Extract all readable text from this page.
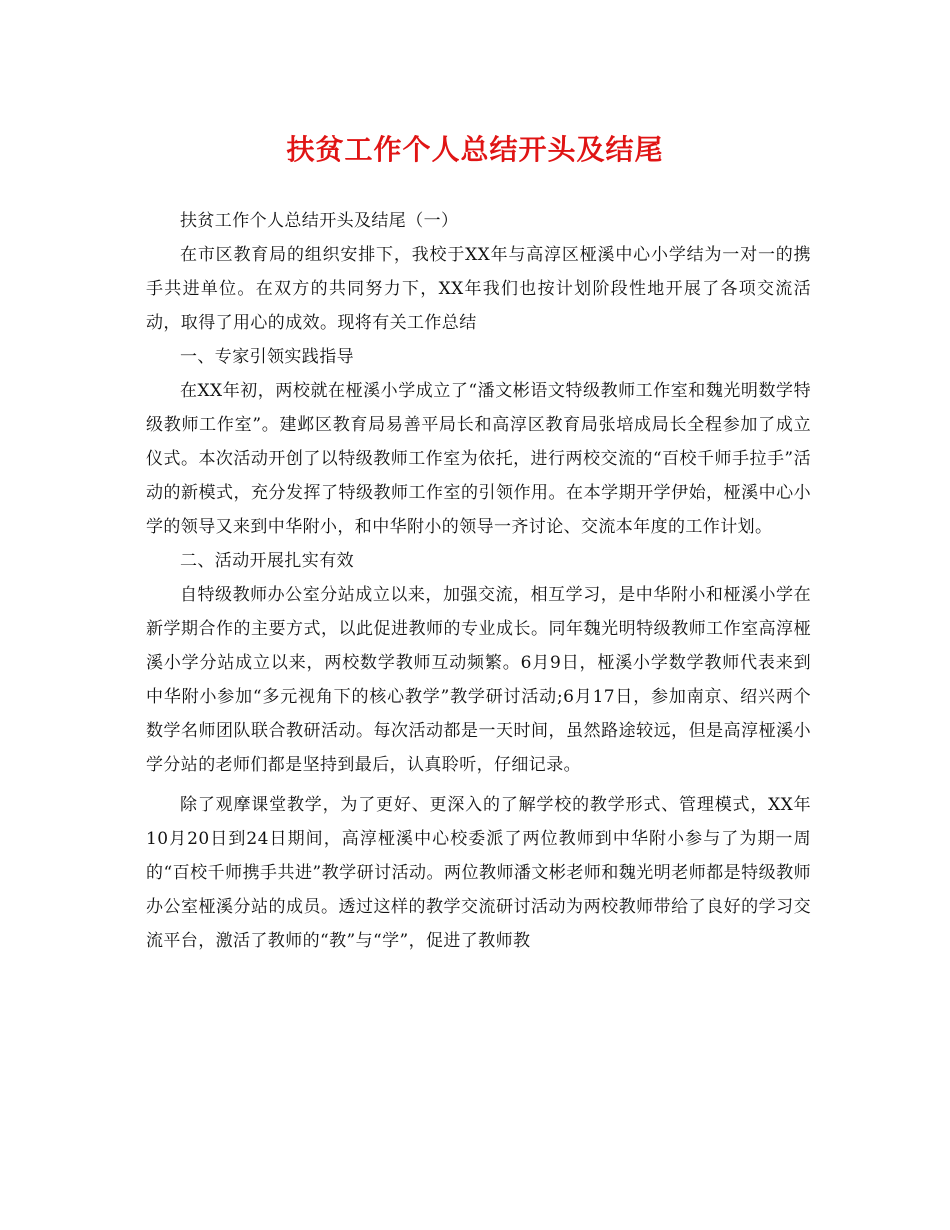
扶贫工作个人总结开头及结尾

扶贫工作个人总结开头及结尾（一）

在市区教育局的组织安排下，我校于XX年与高淳区桠溪中心小学结为一对一的携手共进单位。在双方的共同努力下，XX年我们也按计划阶段性地开展了各项交流活动，取得了用心的成效。现将有关工作总结

一、专家引领实践指导

在XX年初，两校就在桠溪小学成立了“潘文彬语文特级教师工作室和魏光明数学特级教师工作室”。建邺区教育局易善平局长和高淳区教育局张培成局长全程参加了成立仪式。本次活动开创了以特级教师工作室为依托，进行两校交流的“百校千师手拉手”活动的新模式，充分发挥了特级教师工作室的引领作用。在本学期开学伊始，桠溪中心小学的领导又来到中华附小，和中华附小的领导一齐讨论、交流本年度的工作计划。

二、活动开展扎实有效

自特级教师办公室分站成立以来，加强交流，相互学习，是中华附小和桠溪小学在新学期合作的主要方式，以此促进教师的专业成长。同年魏光明特级教师工作室高淳桠溪小学分站成立以来，两校数学教师互动频繁。6月9日，桠溪小学数学教师代表来到中华附小参加“多元视角下的核心教学”教学研讨活动;6月17日，参加南京、绍兴两个数学名师团队联合教研活动。每次活动都是一天时间，虽然路途较远，但是高淳桠溪小学分站的老师们都是坚持到最后，认真聆听，仔细记录。

除了观摩课堂教学，为了更好、更深入的了解学校的教学形式、管理模式，XX年10月20日到24日期间，高淳桠溪中心校委派了两位教师到中华附小参与了为期一周的“百校千师携手共进”教学研讨活动。两位教师潘文彬老师和魏光明老师都是特级教师办公室桠溪分站的成员。透过这样的教学交流研讨活动为两校教师带给了良好的学习交流平台，激活了教师的“教”与“学”，促进了教师教
